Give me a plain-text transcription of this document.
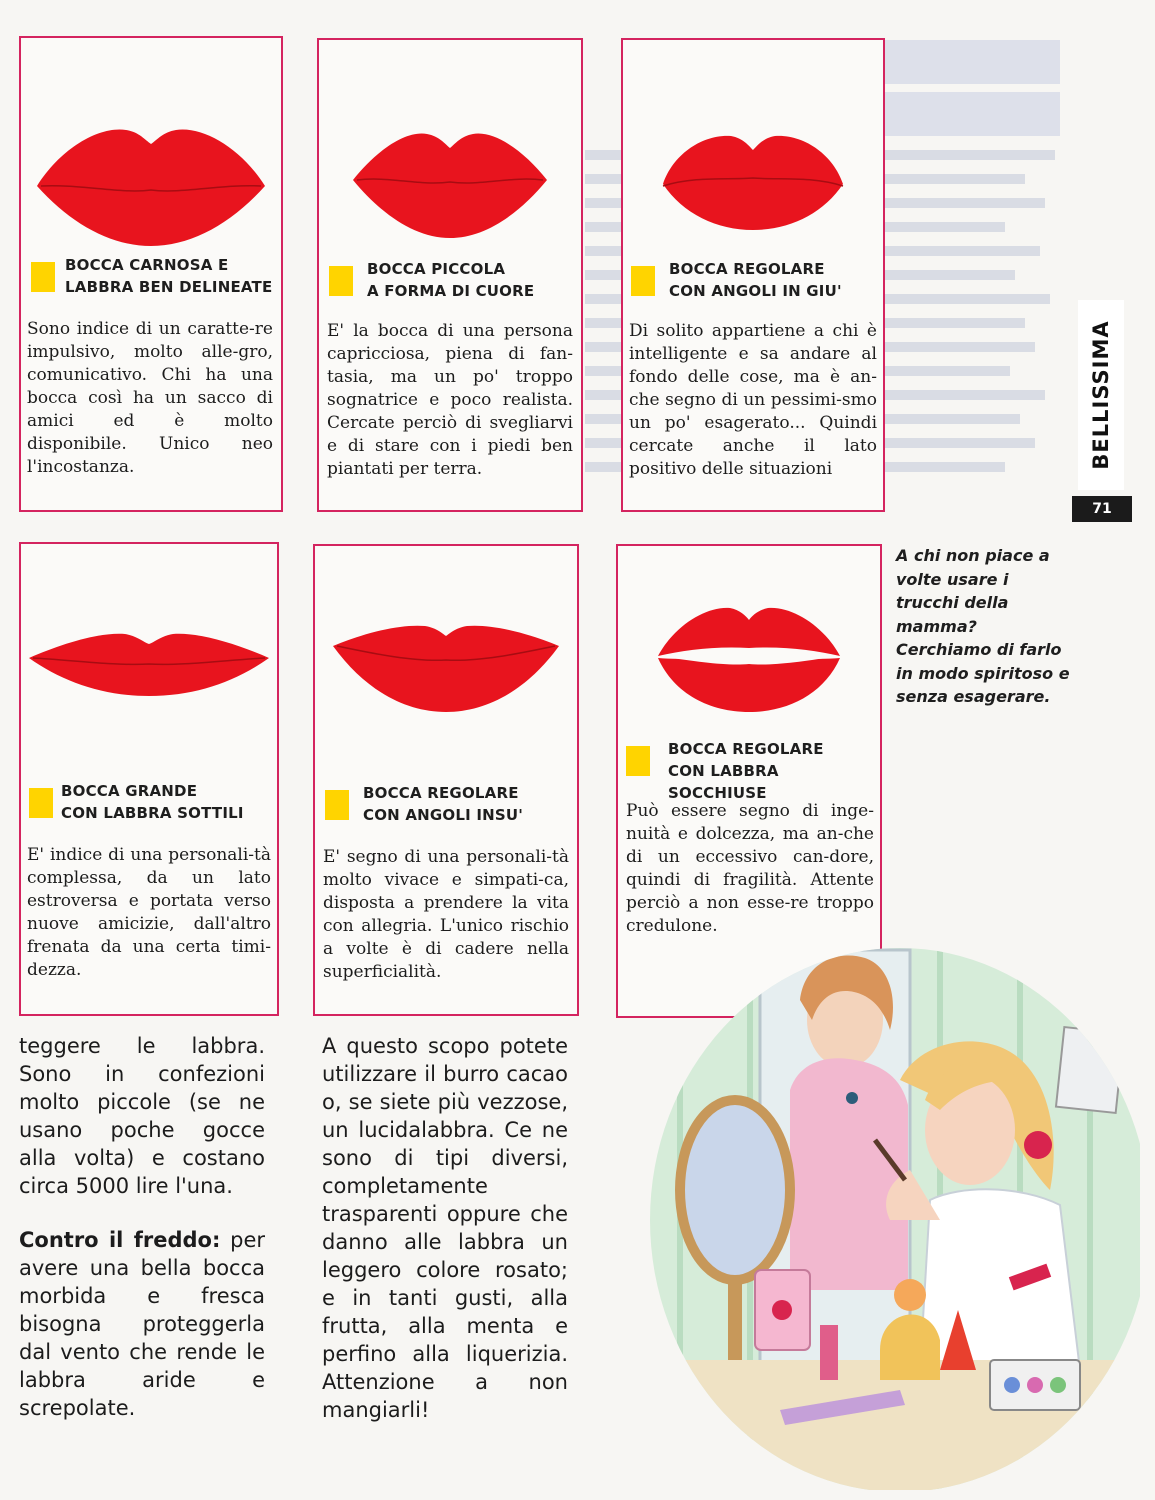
BOCCA CARNOSA E
LABBRA BEN DELINEATE
Sono indice di un caratte-re impulsivo, molto alle-gro, comunicativo. Chi ha una bocca così ha un sacco di amici ed è molto disponibile. Unico neo l'incostanza.
BOCCA PICCOLA
A FORMA DI CUORE
E' la bocca di una persona capricciosa, piena di fan-tasia, ma un po' troppo sognatrice e poco realista. Cercate perciò di svegliarvi e di stare con i piedi ben piantati per terra.
BOCCA REGOLARE
CON ANGOLI IN GIU'
Di solito appartiene a chi è intelligente e sa andare al fondo delle cose, ma è an-che segno di un pessimi-smo un po' esagerato... Quindi cercate anche il lato positivo delle situazioni
BOCCA GRANDE
CON LABBRA SOTTILI
E' indice di una personali-tà complessa, da un lato estroversa e portata verso nuove amicizie, dall'altro frenata da una certa timi-dezza.
BOCCA REGOLARE
CON ANGOLI INSU'
E' segno di una personali-tà molto vivace e simpati-ca, disposta a prendere la vita con allegria. L'unico rischio a volte è di cadere nella superficialità.
BOCCA REGOLARE
CON LABBRA SOCCHIUSE
Può essere segno di inge-nuità e dolcezza, ma an-che di un eccessivo can-dore, quindi di fragilità. Attente perciò a non esse-re troppo credulone.
BELLISSIMA
71
A chi non piace a volte usare i trucchi della mamma? Cerchiamo di farlo in modo spiritoso e senza esagerare.
teggere le labbra. Sono in confezioni molto piccole (se ne usano poche gocce alla volta) e costano circa 5000 lire l'una.
Contro il freddo: per avere una bella bocca morbida e fresca bisogna proteggerla dal vento che rende le labbra aride e screpolate.
A questo scopo potete utilizzare il burro cacao o, se siete più vezzose, un lucidalabbra. Ce ne sono di tipi diversi, completamente trasparenti oppure che danno alle labbra un leggero colore rosato; e in tanti gusti, alla frutta, alla menta e perfino alla liquerizia. Attenzione a non mangiarli!
